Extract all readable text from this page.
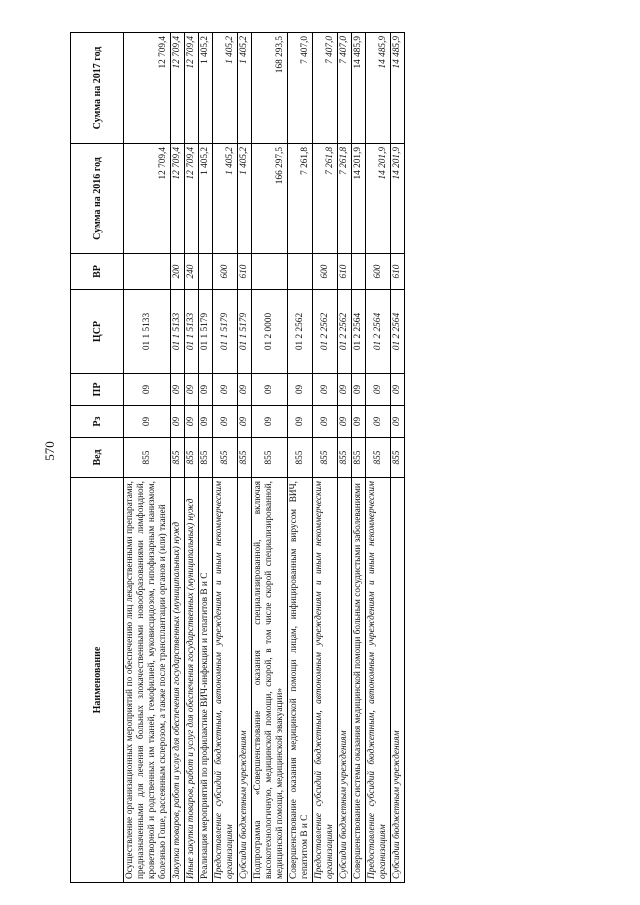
570
Наименование	Вед	Рз	ПР	ЦСР	ВР	Сумма на 2016 год	Сумма на 2017 год
Осуществление организационных мероприятий по обеспечению лиц лекарственными препаратами, предназначенными для лечения больных злокачественными новообразованиями лимфоидной, кроветворной и родственных им тканей, гемофилией, муковисцидозом, гипофизарным нанизмом, болезнью Гоше, рассеянным склерозом, а также после трансплантации органов и (или) тканей	855	09	09	01 1 5133		12 709,4	12 709,4
Закупка товаров, работ и услуг для обеспечения государственных (муниципальных) нужд	855	09	09	01 1 5133	200	12 709,4	12 709,4
Иные закупки товаров, работ и услуг для обеспечения государственных (муниципальных) нужд	855	09	09	01 1 5133	240	12 709,4	12 709,4
Реализация мероприятий по профилактике ВИЧ-инфекции и гепатитов В и С	855	09	09	01 1 5179		1 405,2	1 405,2
Предоставление субсидий бюджетным, автономным учреждениям и иным некоммерческим организациям	855	09	09	01 1 5179	600	1 405,2	1 405,2
Субсидии бюджетным учреждениям	855	09	09	01 1 5179	610	1 405,2	1 405,2
Подпрограмма «Совершенствование оказания специализированной, включая высокотехнологичную, медицинской помощи, скорой, в том числе скорой специализированной, медицинской помощи, медицинской эвакуации»	855	09	09	01 2 0000		166 297,5	168 293,5
Совершенствование оказания медицинской помощи лицам, инфицированным вирусом ВИЧ, гепатитом В и С	855	09	09	01 2 2562		7 261,8	7 407,0
Предоставление субсидий бюджетным, автономным учреждениям и иным некоммерческим организациям	855	09	09	01 2 2562	600	7 261,8	7 407,0
Субсидии бюджетным учреждениям	855	09	09	01 2 2562	610	7 261,8	7 407,0
Совершенствование системы оказания медицинской помощи больным сосудистыми заболеваниями	855	09	09	01 2 2564		14 201,9	14 485,9
Предоставление субсидий бюджетным, автономным учреждениям и иным некоммерческим организациям	855	09	09	01 2 2564	600	14 201,9	14 485,9
Субсидии бюджетным учреждениям	855	09	09	01 2 2564	610	14 201,9	14 485,9
